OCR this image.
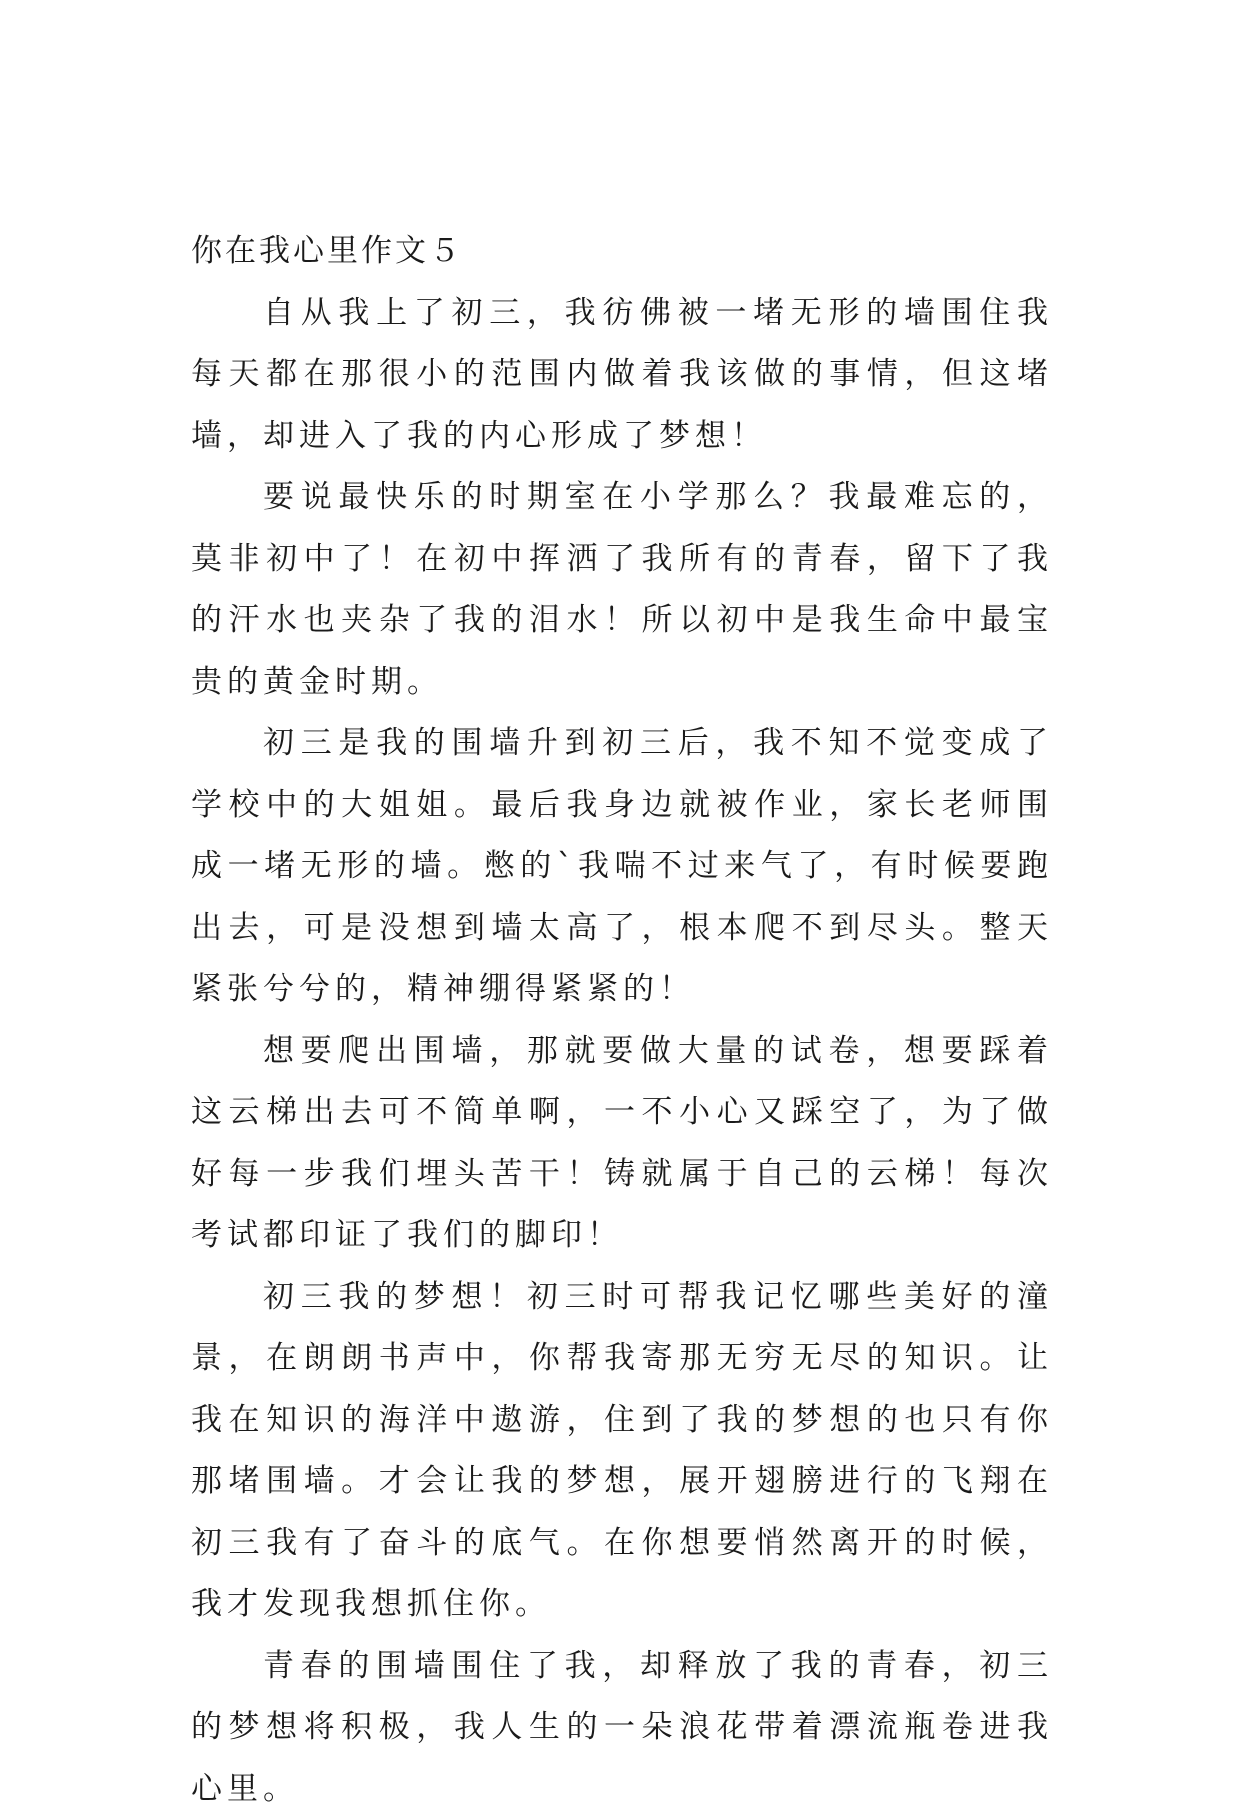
你在我心里作文５

自从我上了初三，我彷佛被一堵无形的墙围住我每天都在那很小的范围内做着我该做的事情，但这堵墙，却进入了我的内心形成了梦想！

要说最快乐的时期室在小学那么？我最难忘的，莫非初中了！在初中挥洒了我所有的青春，留下了我的汗水也夹杂了我的泪水！所以初中是我生命中最宝贵的黄金时期。

初三是我的围墙升到初三后，我不知不觉变成了学校中的大姐姐。最后我身边就被作业，家长老师围成一堵无形的墙。憋的`我喘不过来气了，有时候要跑出去，可是没想到墙太高了，根本爬不到尽头。整天紧张兮兮的，精神绷得紧紧的！

想要爬出围墙，那就要做大量的试卷，想要踩着这云梯出去可不简单啊，一不小心又踩空了，为了做好每一步我们埋头苦干！铸就属于自己的云梯！每次考试都印证了我们的脚印！

初三我的梦想！初三时可帮我记忆哪些美好的潼景，在朗朗书声中，你帮我寄那无穷无尽的知识。让我在知识的海洋中遨游，住到了我的梦想的也只有你那堵围墙。才会让我的梦想，展开翅膀进行的飞翔在初三我有了奋斗的底气。在你想要悄然离开的时候，我才发现我想抓住你。

青春的围墙围住了我，却释放了我的青春，初三的梦想将积极，我人生的一朵浪花带着漂流瓶卷进我心里。
